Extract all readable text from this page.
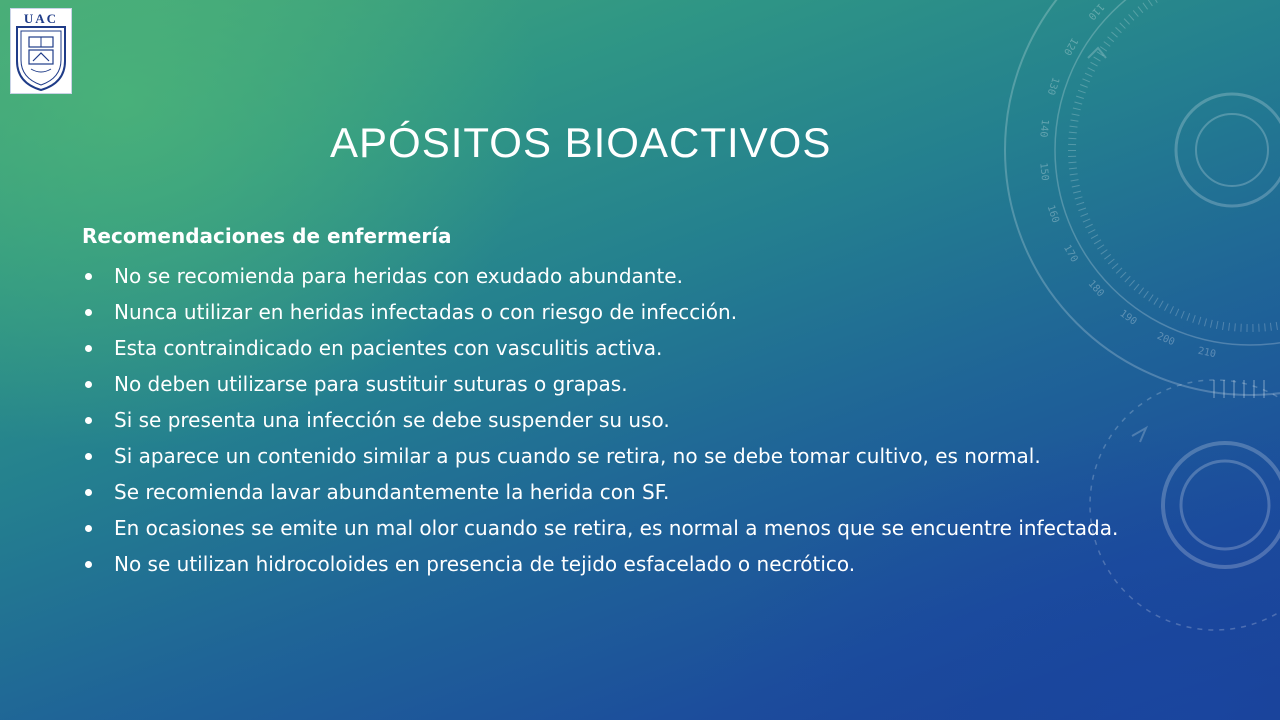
210
200
190
180
170
160
150
140
130
120
110
UAC
APÓSITOS BIOACTIVOS

Recomendaciones de enfermería

No se recomienda para heridas con exudado abundante.
Nunca utilizar en heridas infectadas o con riesgo de infección.
Esta contraindicado en pacientes con vasculitis activa.
No deben utilizarse para sustituir suturas o grapas.
Si se presenta una infección se debe suspender su uso.
Si aparece un contenido similar a pus cuando se retira, no se debe tomar cultivo, es normal.
Se recomienda lavar abundantemente la herida con SF.
En ocasiones se emite un mal olor cuando se retira, es normal a menos que se encuentre infectada.
No se utilizan hidrocoloides en presencia de tejido esfacelado o necrótico.
